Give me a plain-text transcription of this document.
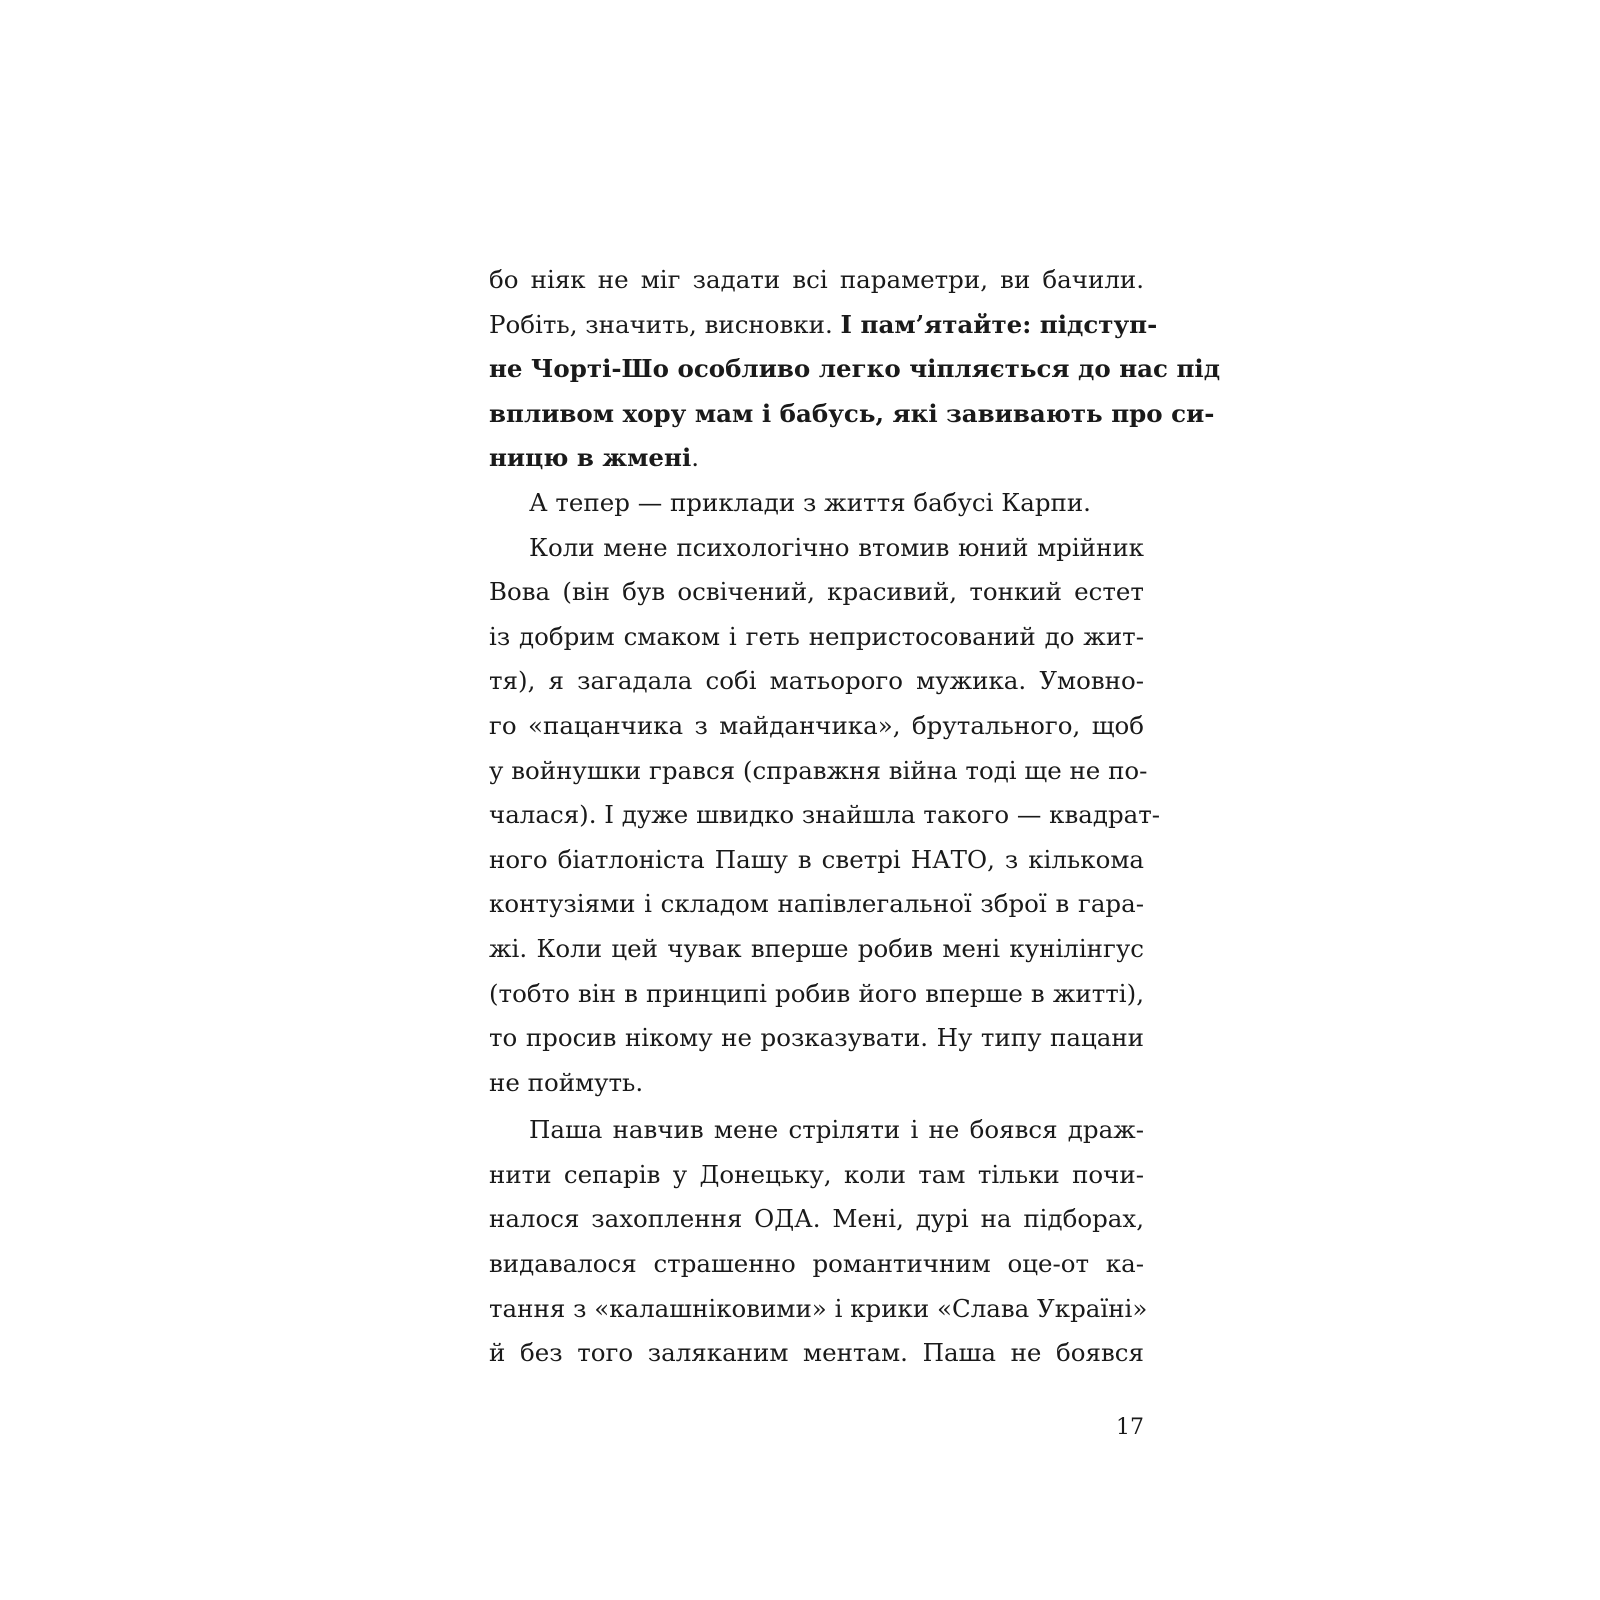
бо ніяк не міг задати всі параметри, ви бачили.
Робіть, значить, висновки. І пам’ятайте: підступ-
не Чорті-Шо особливо легко чіпляється до нас під
впливом хору мам і бабусь, які завивають про си-
ницю в жмені.
А тепер — приклади з життя бабусі Карпи.
Коли мене психологічно втомив юний мрійник
Вова (він був освічений, красивий, тонкий естет
із добрим смаком і геть непристосований до жит-
тя), я загадала собі матьорого мужика. Умовно-
го «пацанчика з майданчика», брутального, щоб
у войнушки грався (справжня війна тоді ще не по-
чалася). І дуже швидко знайшла такого — квадрат-
ного біатлоніста Пашу в светрі НАТО, з кількома
контузіями і складом напівлегальної зброї в гара-
жі. Коли цей чувак вперше робив мені кунілінгус
(тобто він в принципі робив його вперше в житті),
то просив нікому не розказувати. Ну типу пацани
не поймуть.
Паша навчив мене стріляти і не боявся драж-
нити сепарів у Донецьку, коли там тільки почи-
налося захоплення ОДА. Мені, дурі на підборах,
видавалося страшенно романтичним оце-от ка-
тання з «калашніковими» і крики «Слава Україні»
й без того заляканим ментам. Паша не боявся
17
